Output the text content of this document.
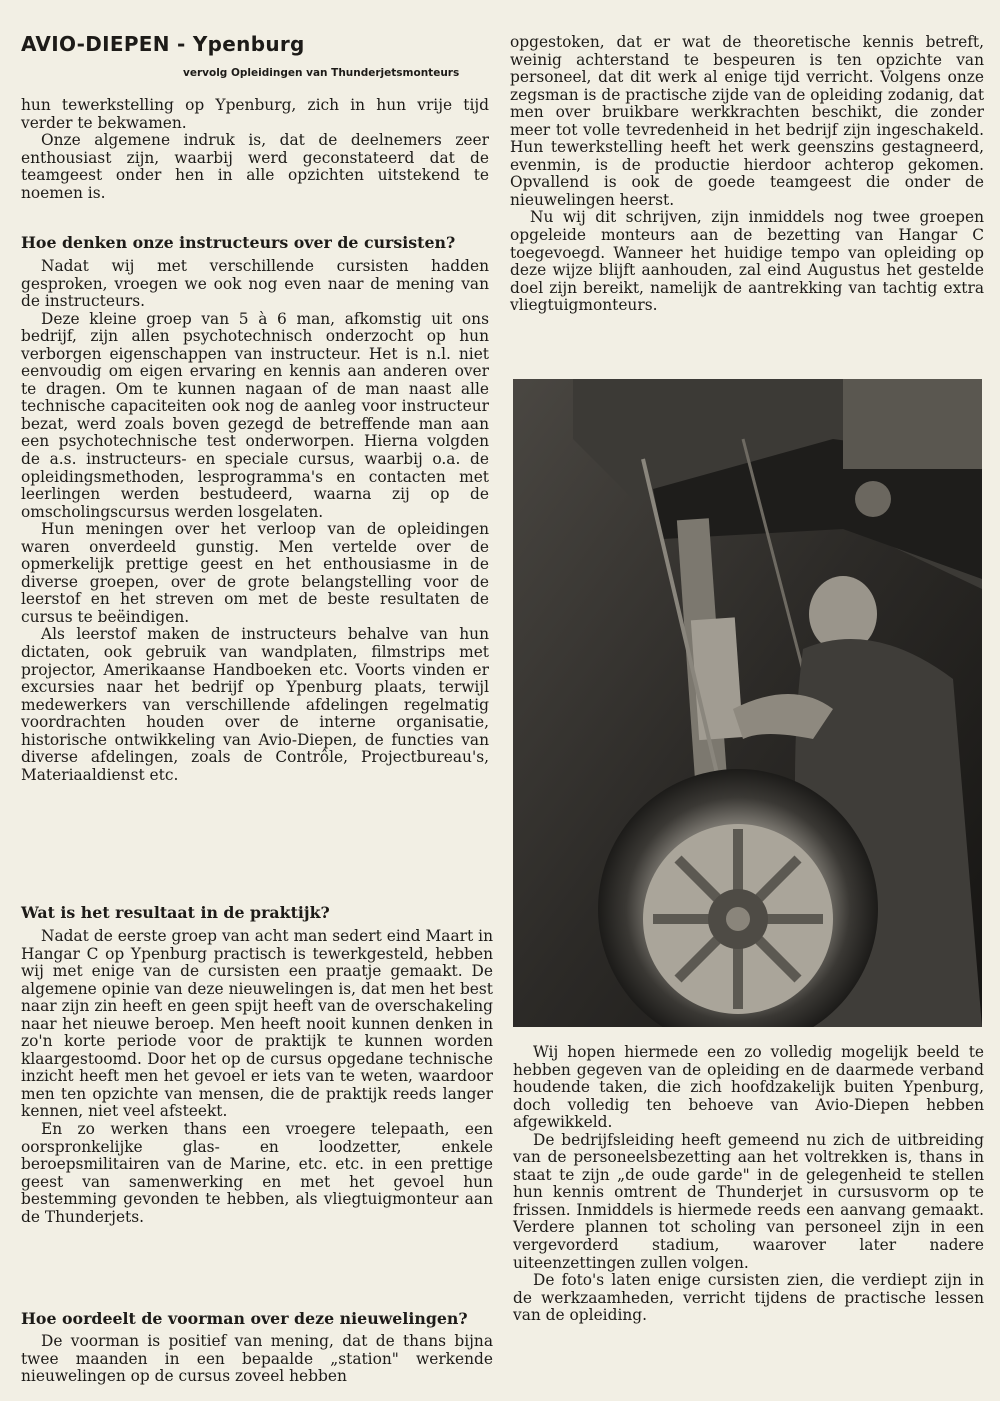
AVIO-DIEPEN - Ypenburg
vervolg Opleidingen van Thunderjetsmonteurs

hun tewerkstelling op Ypenburg, zich in hun vrije tijd verder te bekwamen.

Onze algemene indruk is, dat de deelnemers zeer enthousiast zijn, waarbij werd geconstateerd dat de teamgeest onder hen in alle opzichten uitstekend te noemen is.

Hoe denken onze instructeurs over de cursisten?

Nadat wij met verschillende cursisten hadden gesproken, vroegen we ook nog even naar de mening van de instructeurs.

Deze kleine groep van 5 à 6 man, afkomstig uit ons bedrijf, zijn allen psychotechnisch onderzocht op hun verborgen eigenschappen van instructeur. Het is n.l. niet eenvoudig om eigen ervaring en kennis aan anderen over te dragen. Om te kunnen nagaan of de man naast alle technische capaciteiten ook nog de aanleg voor instructeur bezat, werd zoals boven gezegd de betreffende man aan een psychotechnische test onderworpen. Hierna volgden de a.s. instructeurs- en speciale cursus, waarbij o.a. de opleidingsmethoden, lesprogramma's en contacten met leerlingen werden bestudeerd, waarna zij op de omscholingscursus werden losgelaten.

Hun meningen over het verloop van de opleidingen waren onverdeeld gunstig. Men vertelde over de opmerkelijk prettige geest en het enthousiasme in de diverse groepen, over de grote belangstelling voor de leerstof en het streven om met de beste resultaten de cursus te beëindigen.

Als leerstof maken de instructeurs behalve van hun dictaten, ook gebruik van wandplaten, filmstrips met projector, Amerikaanse Handboeken etc. Voorts vinden er excursies naar het bedrijf op Ypenburg plaats, terwijl medewerkers van verschillende afdelingen regelmatig voordrachten houden over de interne organisatie, historische ontwikkeling van Avio-Diepen, de functies van diverse afdelingen, zoals de Contrôle, Projectbureau's, Materiaaldienst etc.

Wat is het resultaat in de praktijk?

Nadat de eerste groep van acht man sedert eind Maart in Hangar C op Ypenburg practisch is tewerkgesteld, hebben wij met enige van de cursisten een praatje gemaakt. De algemene opinie van deze nieuwelingen is, dat men het best naar zijn zin heeft en geen spijt heeft van de overschakeling naar het nieuwe beroep. Men heeft nooit kunnen denken in zo'n korte periode voor de praktijk te kunnen worden klaargestoomd. Door het op de cursus opgedane technische inzicht heeft men het gevoel er iets van te weten, waardoor men ten opzichte van mensen, die de praktijk reeds langer kennen, niet veel afsteekt.

En zo werken thans een vroegere telepaath, een oorspronkelijke glas- en loodzetter, enkele beroepsmilitairen van de Marine, etc. etc. in een prettige geest van samenwerking en met het gevoel hun bestemming gevonden te hebben, als vliegtuigmonteur aan de Thunderjets.

Hoe oordeelt de voorman over deze nieuwelingen?

De voorman is positief van mening, dat de thans bijna twee maanden in een bepaalde „station" werkende nieuwelingen op de cursus zoveel hebben

opgestoken, dat er wat de theoretische kennis betreft, weinig achterstand te bespeuren is ten opzichte van personeel, dat dit werk al enige tijd verricht. Volgens onze zegsman is de practische zijde van de opleiding zodanig, dat men over bruikbare werkkrachten beschikt, die zonder meer tot volle tevredenheid in het bedrijf zijn ingeschakeld. Hun tewerkstelling heeft het werk geenszins gestagneerd, evenmin, is de productie hierdoor achterop gekomen. Opvallend is ook de goede teamgeest die onder de nieuwelingen heerst.

Nu wij dit schrijven, zijn inmiddels nog twee groepen opgeleide monteurs aan de bezetting van Hangar C toegevoegd. Wanneer het huidige tempo van opleiding op deze wijze blijft aanhouden, zal eind Augustus het gestelde doel zijn bereikt, namelijk de aantrekking van tachtig extra vliegtuigmonteurs.

Wij hopen hiermede een zo volledig mogelijk beeld te hebben gegeven van de opleiding en de daarmede verband houdende taken, die zich hoofdzakelijk buiten Ypenburg, doch volledig ten behoeve van Avio-Diepen hebben afgewikkeld.

De bedrijfsleiding heeft gemeend nu zich de uitbreiding van de personeelsbezetting aan het voltrekken is, thans in staat te zijn „de oude garde" in de gelegenheid te stellen hun kennis omtrent de Thunderjet in cursusvorm op te frissen. Inmiddels is hiermede reeds een aanvang gemaakt. Verdere plannen tot scholing van personeel zijn in een vergevorderd stadium, waarover later nadere uiteenzettingen zullen volgen.

De foto's laten enige cursisten zien, die verdiept zijn in de werkzaamheden, verricht tijdens de practische lessen van de opleiding.
